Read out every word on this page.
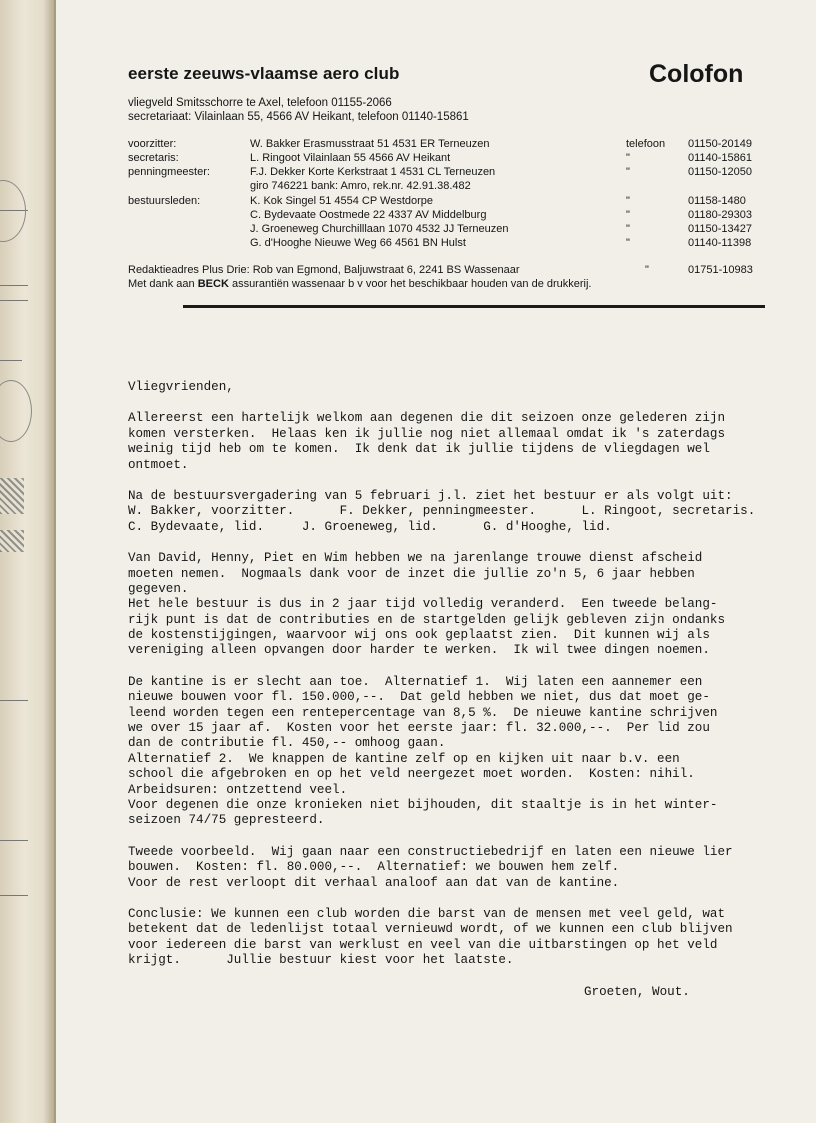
eerste zeeuws-vlaamse aero club	Colofon
vliegveld Smitsschorre te Axel, telefoon 01155-2066
secretariaat: Vilainlaan 55, 4566 AV Heikant, telefoon 01140-15861
voorzitter:	W. Bakker Erasmusstraat 51 4531 ER Terneuzen	telefoon 01150-20149
secretaris:	L. Ringoot Vilainlaan 55 4566 AV Heikant	"	01140-15861
penningmeester:	F.J. Dekker Korte Kerkstraat 1 4531 CL Terneuzen	"	01150-12050
giro 746221 bank: Amro, rek.nr. 42.91.38.482
bestuursleden:	K. Kok Singel 51 4554 CP Westdorpe	"	01158-1480
C. Bydevaate Oostmede 22 4337 AV Middelburg	"	01180-29303
J. Groeneweg Churchilllaan 1070 4532 JJ Terneuzen	"	01150-13427
G. d'Hooghe Nieuwe Weg 66 4561 BN Hulst	"	01140-11398
Redaktieadres Plus Drie: Rob van Egmond, Baljuwstraat 6, 2241 BS Wassenaar	"	01751-10983
Met dank aan BECK assurantiën wassenaar b v voor het beschikbaar houden van de drukkerij.
Vliegvrienden,
Allereerst een hartelijk welkom aan degenen die dit seizoen onze gelederen zijn
komen versterken.  Helaas ken ik jullie nog niet allemaal omdat ik 's zaterdags
weinig tijd heb om te komen.  Ik denk dat ik jullie tijdens de vliegdagen wel
ontmoet.
Na de bestuursvergadering van 5 februari j.l. ziet het bestuur er als volgt uit:
W. Bakker, voorzitter.      F. Dekker, penningmeester.      L. Ringoot, secretaris.
C. Bydevaate, lid.     J. Groeneweg, lid.      G. d'Hooghe, lid.
Van David, Henny, Piet en Wim hebben we na jarenlange trouwe dienst afscheid
moeten nemen.  Nogmaals dank voor de inzet die jullie zo'n 5, 6 jaar hebben
gegeven.
Het hele bestuur is dus in 2 jaar tijd volledig veranderd.  Een tweede belang-
rijk punt is dat de contributies en de startgelden gelijk gebleven zijn ondanks
de kostenstijgingen, waarvoor wij ons ook geplaatst zien.  Dit kunnen wij als
vereniging alleen opvangen door harder te werken.  Ik wil twee dingen noemen.
De kantine is er slecht aan toe.  Alternatief 1.  Wij laten een aannemer een
nieuwe bouwen voor fl. 150.000,--.  Dat geld hebben we niet, dus dat moet ge-
leend worden tegen een rentepercentage van 8,5 %.  De nieuwe kantine schrijven
we over 15 jaar af.  Kosten voor het eerste jaar: fl. 32.000,--.  Per lid zou
dan de contributie fl. 450,-- omhoog gaan.
Alternatief 2.  We knappen de kantine zelf op en kijken uit naar b.v. een
school die afgebroken en op het veld neergezet moet worden.  Kosten: nihil.
Arbeidsuren: ontzettend veel.
Voor degenen die onze kronieken niet bijhouden, dit staaltje is in het winter-
seizoen 74/75 gepresteerd.
Tweede voorbeeld.  Wij gaan naar een constructiebedrijf en laten een nieuwe lier
bouwen.  Kosten: fl. 80.000,--.  Alternatief: we bouwen hem zelf.
Voor de rest verloopt dit verhaal analoof aan dat van de kantine.
Conclusie: We kunnen een club worden die barst van de mensen met veel geld, wat
betekent dat de ledenlijst totaal vernieuwd wordt, of we kunnen een club blijven
voor iedereen die barst van werklust en veel van die uitbarstingen op het veld
krijgt.      Jullie bestuur kiest voor het laatste.
Groeten, Wout.
